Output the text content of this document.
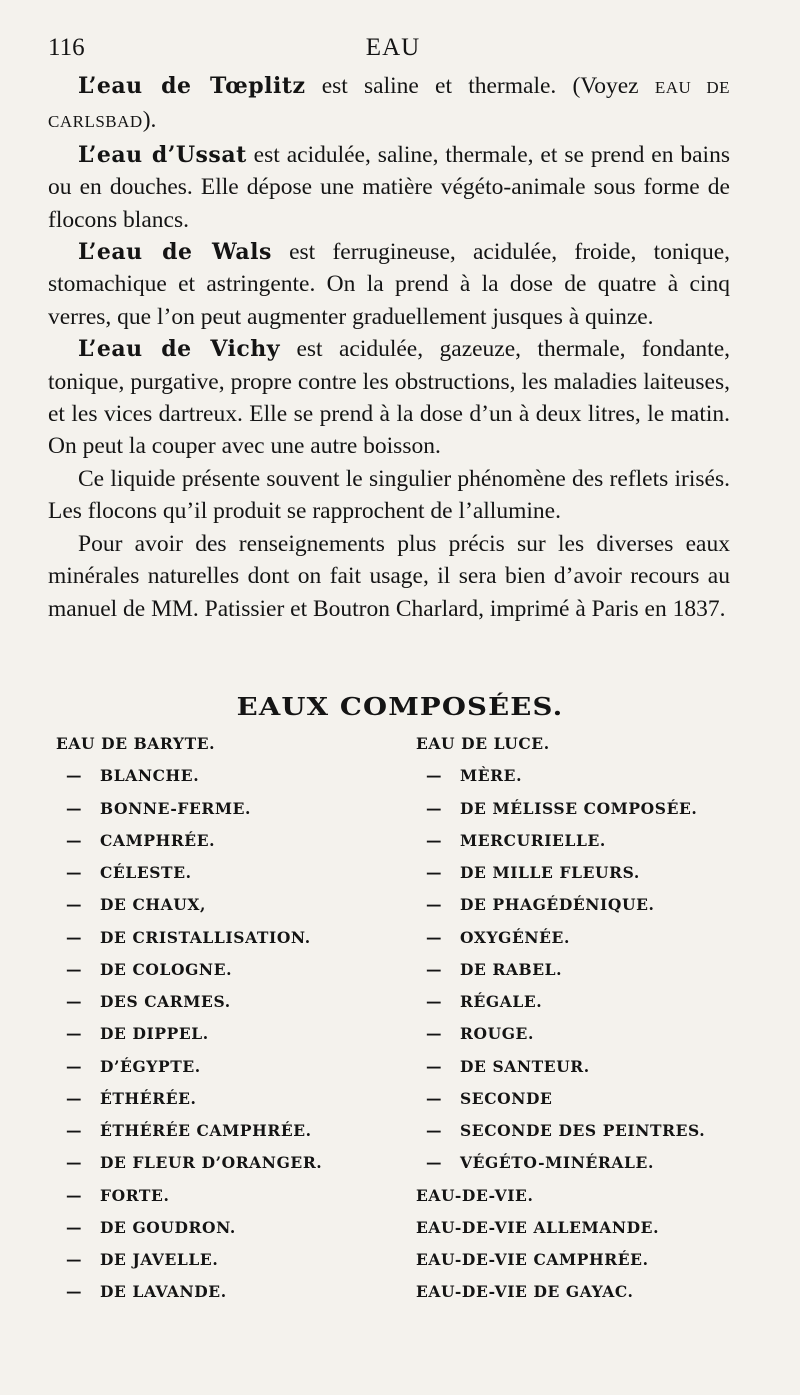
116	EAU

L’eau de Tœplitz est saline et thermale. (Voyez EAU DE CARLSBAD).

L’eau d’Ussat est acidulée, saline, thermale, et se prend en bains ou en douches. Elle dépose une matière végéto-animale sous forme de flocons blancs.

L’eau de Wals est ferrugineuse, acidulée, froide, tonique, stomachique et astringente. On la prend à la dose de quatre à cinq verres, que l’on peut augmenter graduellement jusques à quinze.

L’eau de Vichy est acidulée, gazeuze, thermale, fondante, tonique, purgative, propre contre les obstructions, les maladies laiteuses, et les vices dartreux. Elle se prend à la dose d’un à deux litres, le matin. On peut la couper avec une autre boisson.

Ce liquide présente souvent le singulier phénomène des reflets irisés. Les flocons qu’il produit se rapprochent de l’allumine.

Pour avoir des renseignements plus précis sur les diverses eaux minérales naturelles dont on fait usage, il sera bien d’avoir recours au manuel de MM. Patissier et Boutron Charlard, imprimé à Paris en 1837.

EAUX COMPOSÉES.
EAU DE BARYTE.
— BLANCHE.
— BONNE-FERME.
— CAMPHRÉE.
— CÉLESTE.
— DE CHAUX,
— DE CRISTALLISATION.
— DE COLOGNE.
— DES CARMES.
— DE DIPPEL.
— D’ÉGYPTE.
— ÉTHÉRÉE.
— ÉTHÉRÉE CAMPHRÉE.
— DE FLEUR D’ORANGER.
— FORTE.
— DE GOUDRON.
— DE JAVELLE.
— DE LAVANDE.
EAU DE LUCE.
— MÈRE.
— DE MÉLISSE COMPOSÉE.
— MERCURIELLE.
— DE MILLE FLEURS.
— DE PHAGÉDÉNIQUE.
— OXYGÉNÉE.
— DE RABEL.
— RÉGALE.
— ROUGE.
— DE SANTEUR.
— SECONDE
— SECONDE DES PEINTRES.
— VÉGÉTO-MINÉRALE.
EAU-DE-VIE.
EAU-DE-VIE ALLEMANDE.
EAU-DE-VIE CAMPHRÉE.
EAU-DE-VIE DE GAYAC.
